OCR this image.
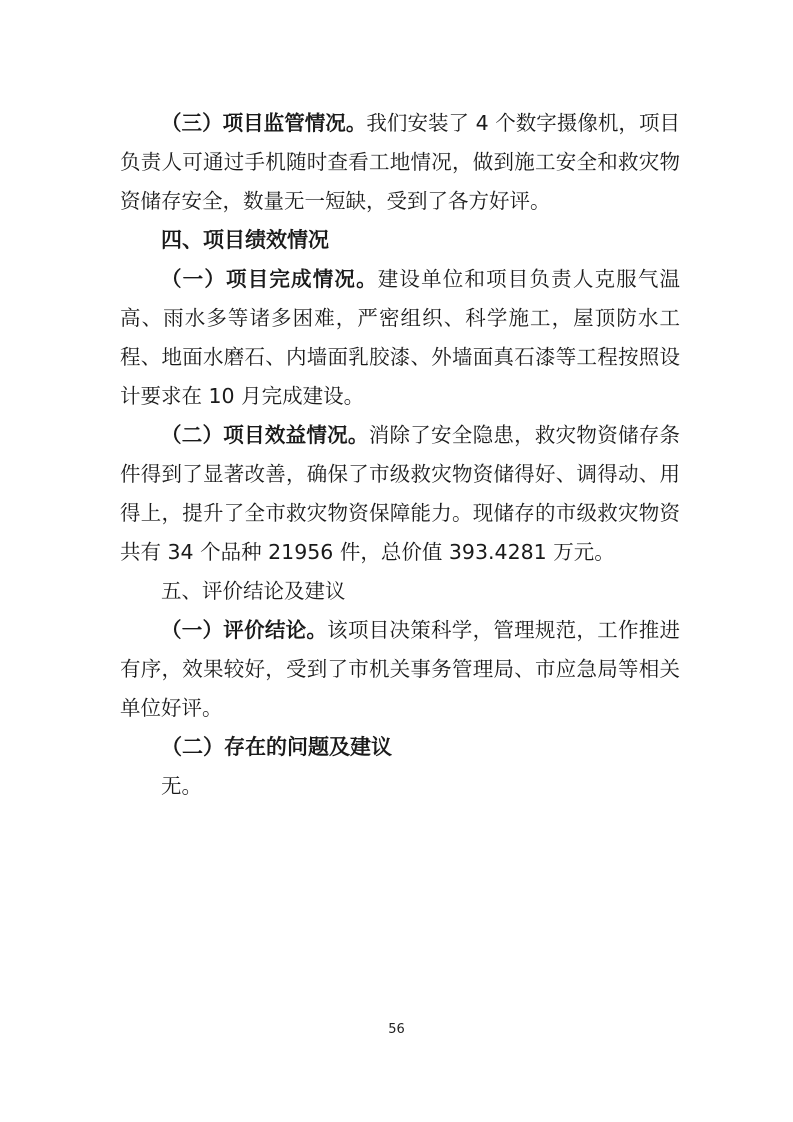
（三）项目监管情况。我们安装了 4 个数字摄像机，项目负责人可通过手机随时查看工地情况，做到施工安全和救灾物资储存安全，数量无一短缺，受到了各方好评。

四、项目绩效情况

（一）项目完成情况。建设单位和项目负责人克服气温高、雨水多等诸多困难，严密组织、科学施工，屋顶防水工程、地面水磨石、内墙面乳胶漆、外墙面真石漆等工程按照设计要求在 10 月完成建设。

（二）项目效益情况。消除了安全隐患，救灾物资储存条件得到了显著改善，确保了市级救灾物资储得好、调得动、用得上，提升了全市救灾物资保障能力。现储存的市级救灾物资共有 34 个品种 21956 件，总价值 393.4281 万元。

五、评价结论及建议

（一）评价结论。该项目决策科学，管理规范，工作推进有序，效果较好，受到了市机关事务管理局、市应急局等相关单位好评。

（二）存在的问题及建议

无。

56
